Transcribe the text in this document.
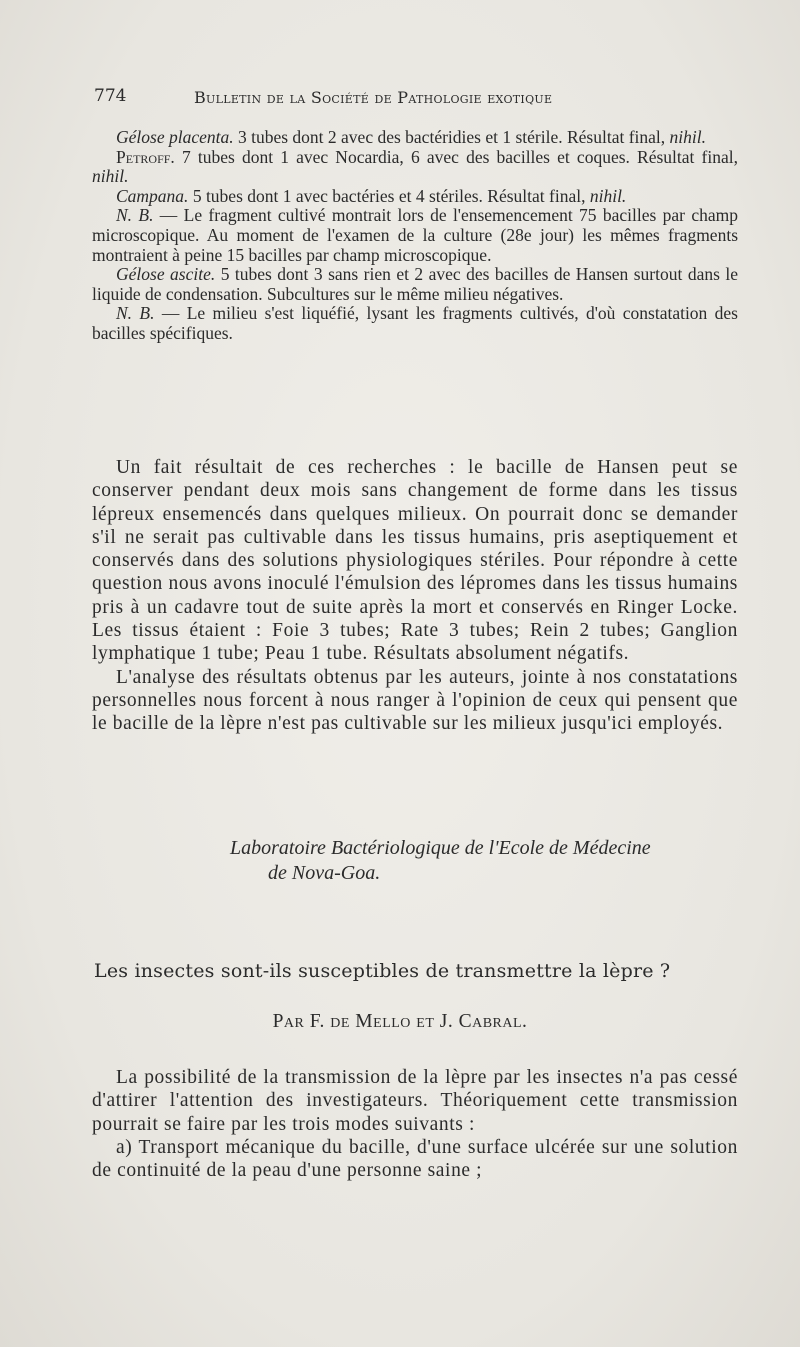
774	Bulletin de la Société de Pathologie exotique

Gélose placenta. 3 tubes dont 2 avec des bactéridies et 1 stérile. Résultat final, nihil.

Petroff. 7 tubes dont 1 avec Nocardia, 6 avec des bacilles et coques. Résultat final, nihil.

Campana. 5 tubes dont 1 avec bactéries et 4 stériles. Résultat final, nihil.

N. B. — Le fragment cultivé montrait lors de l'ensemencement 75 bacilles par champ microscopique. Au moment de l'examen de la culture (28e jour) les mêmes fragments montraient à peine 15 bacilles par champ microscopique.

Gélose ascite. 5 tubes dont 3 sans rien et 2 avec des bacilles de Hansen surtout dans le liquide de condensation. Subcultures sur le même milieu négatives.

N. B. — Le milieu s'est liquéfié, lysant les fragments cultivés, d'où constatation des bacilles spécifiques.

Un fait résultait de ces recherches : le bacille de Hansen peut se conserver pendant deux mois sans changement de forme dans les tissus lépreux ensemencés dans quelques milieux. On pourrait donc se demander s'il ne serait pas cultivable dans les tissus humains, pris aseptiquement et conservés dans des solutions physiologiques stériles. Pour répondre à cette question nous avons inoculé l'émulsion des lépromes dans les tissus humains pris à un cadavre tout de suite après la mort et conservés en Ringer Locke. Les tissus étaient : Foie 3 tubes; Rate 3 tubes; Rein 2 tubes; Ganglion lymphatique 1 tube; Peau 1 tube. Résultats absolument négatifs.

L'analyse des résultats obtenus par les auteurs, jointe à nos constatations personnelles nous forcent à nous ranger à l'opinion de ceux qui pensent que le bacille de la lèpre n'est pas cultivable sur les milieux jusqu'ici employés.

Laboratoire Bactériologique de l'Ecole de Médecine
de Nova-Goa.
Les insectes sont-ils susceptibles de transmettre la lèpre ?
Par F. de Mello et J. Cabral.

La possibilité de la transmission de la lèpre par les insectes n'a pas cessé d'attirer l'attention des investigateurs. Théoriquement cette transmission pourrait se faire par les trois modes suivants :

a) Transport mécanique du bacille, d'une surface ulcérée sur une solution de continuité de la peau d'une personne saine ;
